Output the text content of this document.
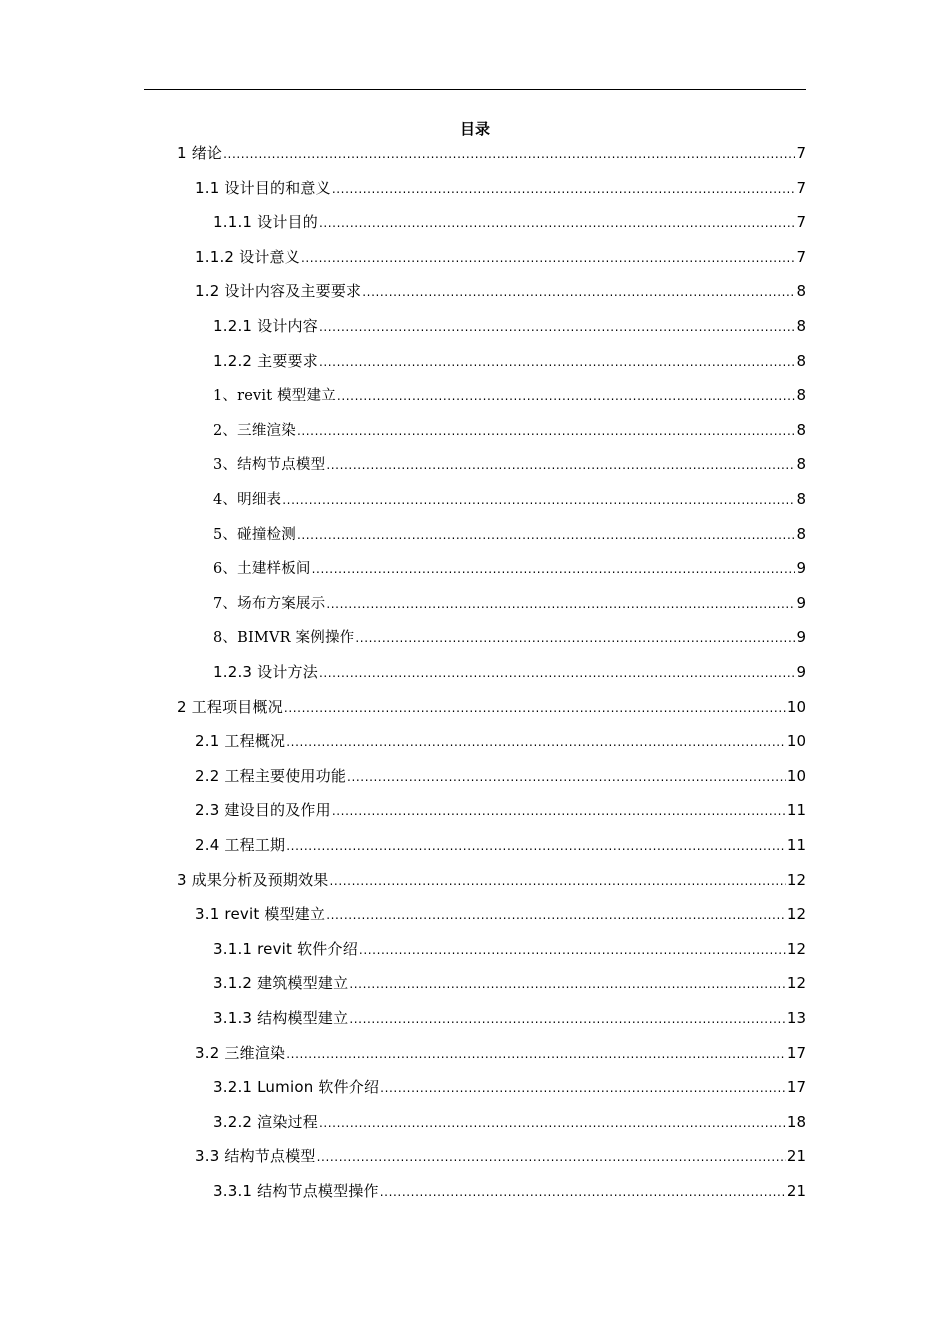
目录
1 绪论 .....	7
1.1 设计目的和意义 .....	7
1.1.1 设计目的 .....	7
1.1.2 设计意义 .....	7
1.2 设计内容及主要要求 .....	8
1.2.1 设计内容 .....	8
1.2.2 主要要求 .....	8
1、revit 模型建立 .....	8
2、三维渲染 .....	8
3、结构节点模型 .....	8
4、明细表 .....	8
5、碰撞检测 .....	8
6、土建样板间 .....	9
7、场布方案展示 .....	9
8、BIMVR 案例操作 .....	9
1.2.3 设计方法 .....	9
2 工程项目概况 .....	10
2.1 工程概况 .....	10
2.2 工程主要使用功能 .....	10
2.3 建设目的及作用 .....	11
2.4 工程工期 .....	11
3 成果分析及预期效果 .....	12
3.1 revit 模型建立 .....	12
3.1.1 revit 软件介绍 .....	12
3.1.2 建筑模型建立 .....	12
3.1.3 结构模型建立 .....	13
3.2 三维渲染 .....	17
3.2.1 Lumion 软件介绍 .....	17
3.2.2 渲染过程 .....	18
3.3 结构节点模型 .....	21
3.3.1 结构节点模型操作 .....	21
